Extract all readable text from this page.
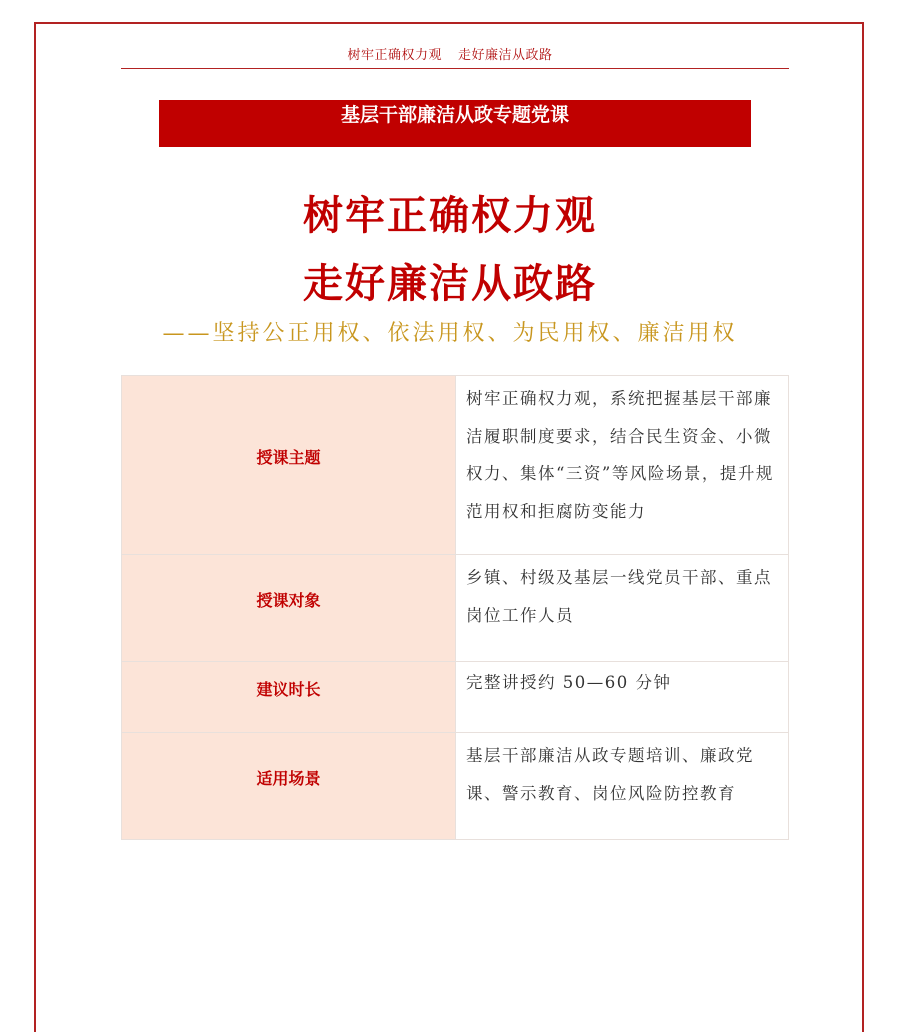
树牢正确权力观 走好廉洁从政路
基层干部廉洁从政专题党课
树牢正确权力观
走好廉洁从政路
——坚持公正用权、依法用权、为民用权、廉洁用权
授课主题	树牢正确权力观，系统把握基层干部廉洁履职制度要求，结合民生资金、小微权力、集体“三资”等风险场景，提升规范用权和拒腐防变能力
授课对象	乡镇、村级及基层一线党员干部、重点岗位工作人员
建议时长	完整讲授约 50—60 分钟
适用场景	基层干部廉洁从政专题培训、廉政党课、警示教育、岗位风险防控教育
